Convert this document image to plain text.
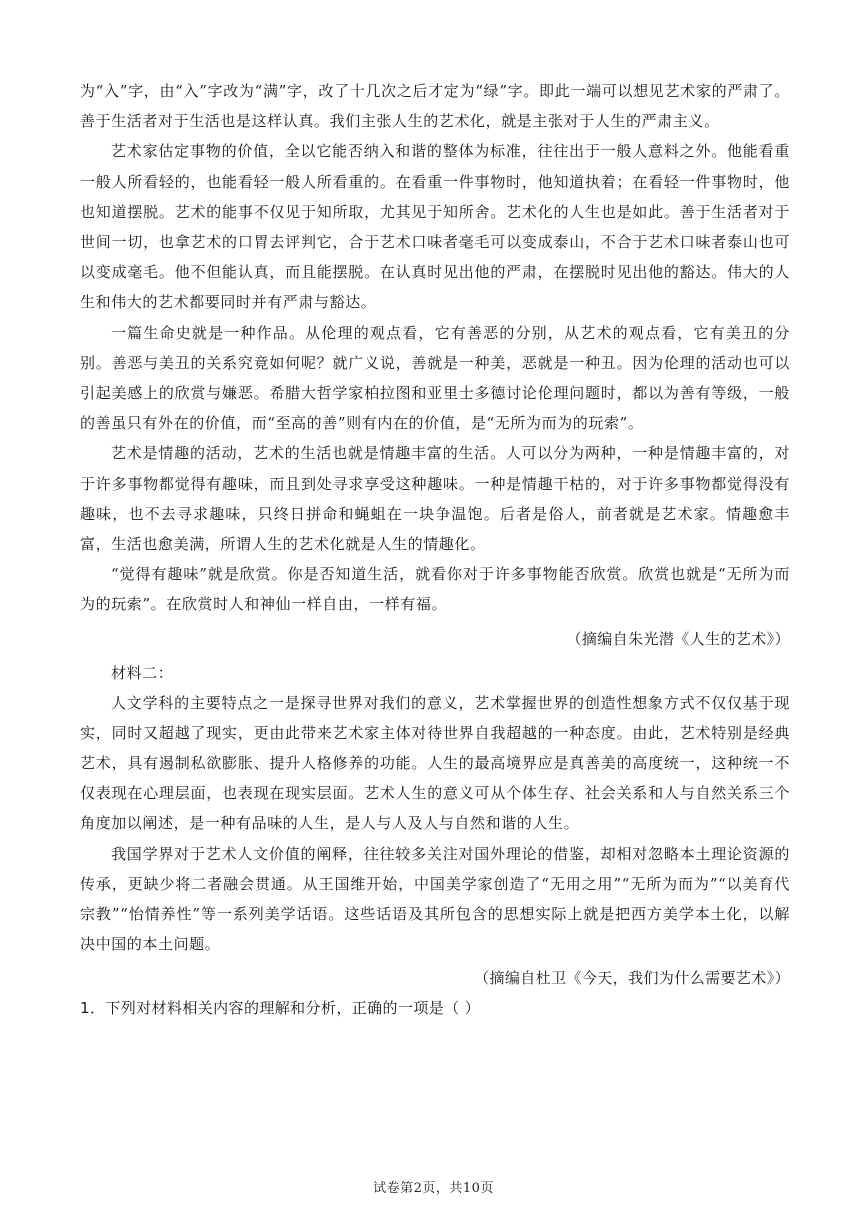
为“入”字，由“入”字改为“满”字，改了十几次之后才定为“绿”字。即此一端可以想见艺术家的严肃了。善于生活者对于生活也是这样认真。我们主张人生的艺术化，就是主张对于人生的严肃主义。

艺术家估定事物的价值，全以它能否纳入和谐的整体为标准，往往出于一般人意料之外。他能看重一般人所看轻的，也能看轻一般人所看重的。在看重一件事物时，他知道执着；在看轻一件事物时，他也知道摆脱。艺术的能事不仅见于知所取，尤其见于知所舍。艺术化的人生也是如此。善于生活者对于世间一切，也拿艺术的口胃去评判它，合于艺术口味者毫毛可以变成泰山，不合于艺术口味者泰山也可以变成毫毛。他不但能认真，而且能摆脱。在认真时见出他的严肃，在摆脱时见出他的豁达。伟大的人生和伟大的艺术都要同时并有严肃与豁达。

一篇生命史就是一种作品。从伦理的观点看，它有善恶的分别，从艺术的观点看，它有美丑的分别。善恶与美丑的关系究竟如何呢？就广义说，善就是一种美，恶就是一种丑。因为伦理的活动也可以引起美感上的欣赏与嫌恶。希腊大哲学家柏拉图和亚里士多德讨论伦理问题时，都以为善有等级，一般的善虽只有外在的价值，而“至高的善”则有内在的价值，是“无所为而为的玩索”。

艺术是情趣的活动，艺术的生活也就是情趣丰富的生活。人可以分为两种，一种是情趣丰富的，对于许多事物都觉得有趣味，而且到处寻求享受这种趣味。一种是情趣干枯的，对于许多事物都觉得没有趣味，也不去寻求趣味，只终日拼命和蝇蛆在一块争温饱。后者是俗人，前者就是艺术家。情趣愈丰富，生活也愈美满，所谓人生的艺术化就是人生的情趣化。

“觉得有趣味”就是欣赏。你是否知道生活，就看你对于许多事物能否欣赏。欣赏也就是“无所为而为的玩索”。在欣赏时人和神仙一样自由，一样有福。

（摘编自朱光潜《人生的艺术》）

材料二：

人文学科的主要特点之一是探寻世界对我们的意义，艺术掌握世界的创造性想象方式不仅仅基于现实，同时又超越了现实，更由此带来艺术家主体对待世界自我超越的一种态度。由此，艺术特别是经典艺术，具有遏制私欲膨胀、提升人格修养的功能。人生的最高境界应是真善美的高度统一，这种统一不仅表现在心理层面，也表现在现实层面。艺术人生的意义可从个体生存、社会关系和人与自然关系三个角度加以阐述，是一种有品味的人生，是人与人及人与自然和谐的人生。

我国学界对于艺术人文价值的阐释，往往较多关注对国外理论的借鉴，却相对忽略本土理论资源的传承，更缺少将二者融会贯通。从王国维开始，中国美学家创造了“无用之用”“无所为而为”“以美育代宗教”“怡情养性”等一系列美学话语。这些话语及其所包含的思想实际上就是把西方美学本土化，以解决中国的本土问题。

（摘编自杜卫《今天，我们为什么需要艺术》）

1．下列对材料相关内容的理解和分析，正确的一项是（ ）

试卷第2页，共10页
